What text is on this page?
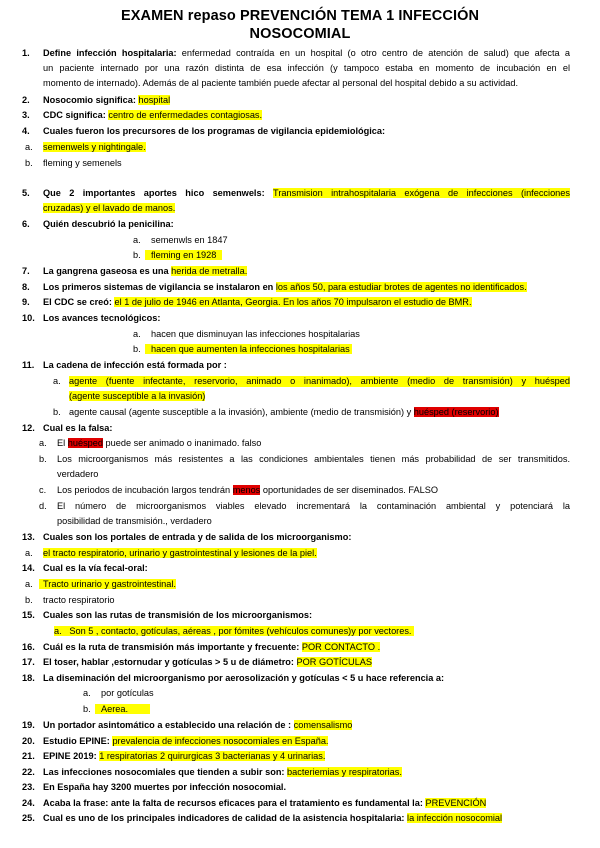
EXAMEN repaso PREVENCIÓN TEMA 1 INFECCIÓN
NOSOCOMIAL
1. Define infección hospitalaria: enfermedad contraída en un hospital (o otro centro de atención de salud) que afecta a
un paciente internado por una razón distinta de esa infección (y tampoco estaba en momento de incubación en el
momento de internado). Además de al paciente también puede afectar al personal del hospital debido a su actividad.
2. Nosocomio significa: hospital
3. CDC significa: centro de enfermedades contagiosas.
4. Cuales fueron los precursores de los programas de vigilancia epidemiológica:
a. semenwels y nightingale.
b. fleming y semenels
5. Que 2 importantes aportes hico semenwels: Transmision intrahospitalaria exógena de infecciones (infecciones
cruzadas) y el lavado de manos.
6. Quién descubrió la penicilina:
a. semenwls en 1847
b.	fleming en 1928
7. La gangrena gaseosa es una herida de metralla.
8. Los primeros sistemas de vigilancia se instalaron en los años 50, para estudiar brotes de agentes no identificados.
9. El CDC se creó: el 1 de julio de 1946 en Atlanta, Georgia. En los años 70 impulsaron el estudio de BMR.
10. Los avances tecnológicos:
a. hacen que disminuyan las infecciones hospitalarias
b.	hacen que aumenten la infecciones hospitalarias
11. La cadena de infección está formada por :
a. agente (fuente infectante, reservorio, animado o inanimado), ambiente (medio de transmisión) y huésped
(agente susceptible a la invasión)
b. agente causal (agente susceptible a la invasión), ambiente (medio de transmisión) y huésped (reservorio)
12. Cual es la falsa:
a. El huésped puede ser animado o inanimado. falso
b. Los microorganismos más resistentes a las condiciones ambientales tienen más probabilidad de ser transmitidos.
verdadero
c. Los periodos de incubación largos tendrán menos oportunidades de ser diseminados. FALSO
d. El número de microorganismos viables elevado incrementará la contaminación ambiental y potenciará la
posibilidad de transmisión., verdadero
13. Cuales son los portales de entrada y de salida de los microorganismo:
a. el tracto respiratorio, urinario y gastrointestinal y lesiones de la piel.
14. Cual es la vía fecal-oral:
a.	Tracto urinario y gastrointestinal.
b. tracto respiratorio
15. Cuales son las rutas de transmisión de los microorganismos:
a. Son 5 , contacto, gotículas, aéreas , por fómites (vehículos comunes)y por vectores.
16. Cuál es la ruta de transmisión más importante y frecuente: POR CONTACTO .
17. El toser, hablar ,estornudar y gotículas > 5 u de diámetro: POR GOTÍCULAS
18. La diseminación del microorganismo por aerosolización y gotículas < 5 u hace referencia a:
a. por gotículas
b.	Aerea.
19. Un portador asintomático a establecido una relación de : comensalismo
20. Estudio EPINE: prevalencia de infecciones nosocomiales en España.
21. EPINE 2019: 1 respiratorias 2 quirurgicas 3 bacterianas y 4 urinarias.
22. Las infecciones nosocomiales que tienden a subir son: bacteriemias y respiratorias.
23. En España hay 3200 muertes por infección nosocomial.
24. Acaba la frase: ante la falta de recursos eficaces para el tratamiento es fundamental la: PREVENCIÓN
25. Cual es uno de los principales indicadores de calidad de la asistencia hospitalaria: la infección nosocomial
